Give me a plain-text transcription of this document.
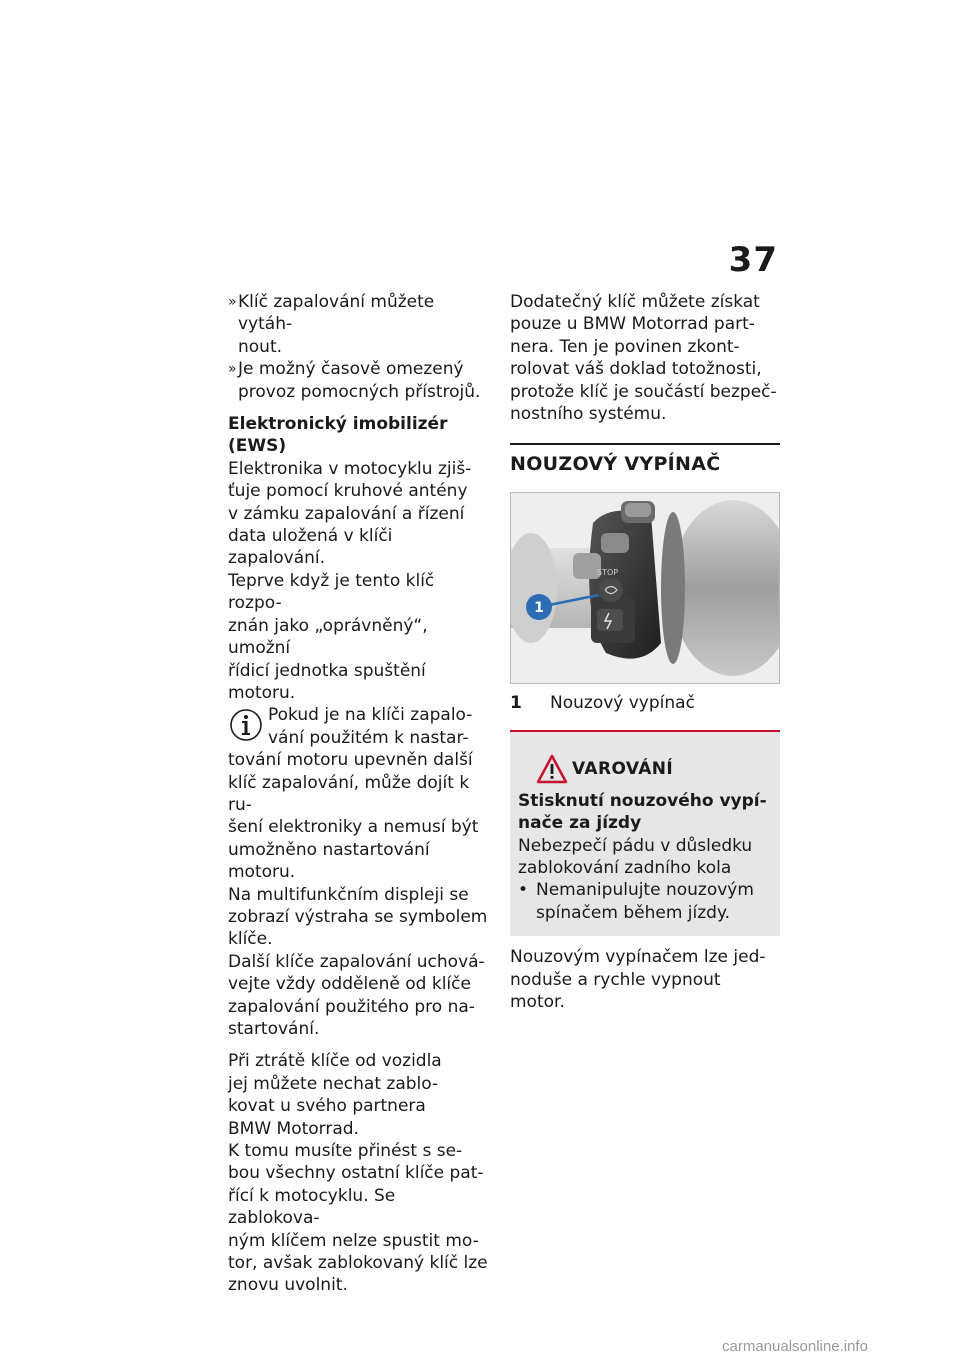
37
» Klíč zapalování můžete vytáh-
nout.
» Je možný časově omezený
provoz pomocných přístrojů.
Elektronický imobilizér (EWS)
Elektronika v motocyklu zjiš-
ťuje pomocí kruhové antény
v zámku zapalování a řízení
data uložená v klíči zapalování.
Teprve když je tento klíč rozpo-
znán jako „oprávněný“, umožní
řídicí jednotka spuštění motoru.
Pokud je na klíči zapalo-
vání použitém k nastar-
tování motoru upevněn další
klíč zapalování, může dojít k ru-
šení elektroniky a nemusí být
umožněno nastartování motoru.
Na multifunkčním displeji se
zobrazí výstraha se symbolem
klíče.
Další klíče zapalování uchová-
vejte vždy odděleně od klíče
zapalování použitého pro na-
startování.
Při ztrátě klíče od vozidla
jej můžete nechat zablo-
kovat u svého partnera
BMW Motorrad.
K tomu musíte přinést s se-
bou všechny ostatní klíče pat-
řící k motocyklu. Se zablokova-
ným klíčem nelze spustit mo-
tor, avšak zablokovaný klíč lze
znovu uvolnit.
Dodatečný klíč můžete získat
pouze u BMW Motorrad part-
nera. Ten je povinen zkont-
rolovat váš doklad totožnosti,
protože klíč je součástí bezpeč-
nostního systému.
NOUZOVÝ VYPÍNAČ
STOP
1
1 Nouzový vypínač
VAROVÁNÍ
Stisknutí nouzového vypí-
nače za jízdy
Nebezpečí pádu v důsledku
zablokování zadního kola
• Nemanipulujte nouzovým
spínačem během jízdy.
Nouzovým vypínačem lze jed-
noduše a rychle vypnout motor.
carmanualsonline.info
